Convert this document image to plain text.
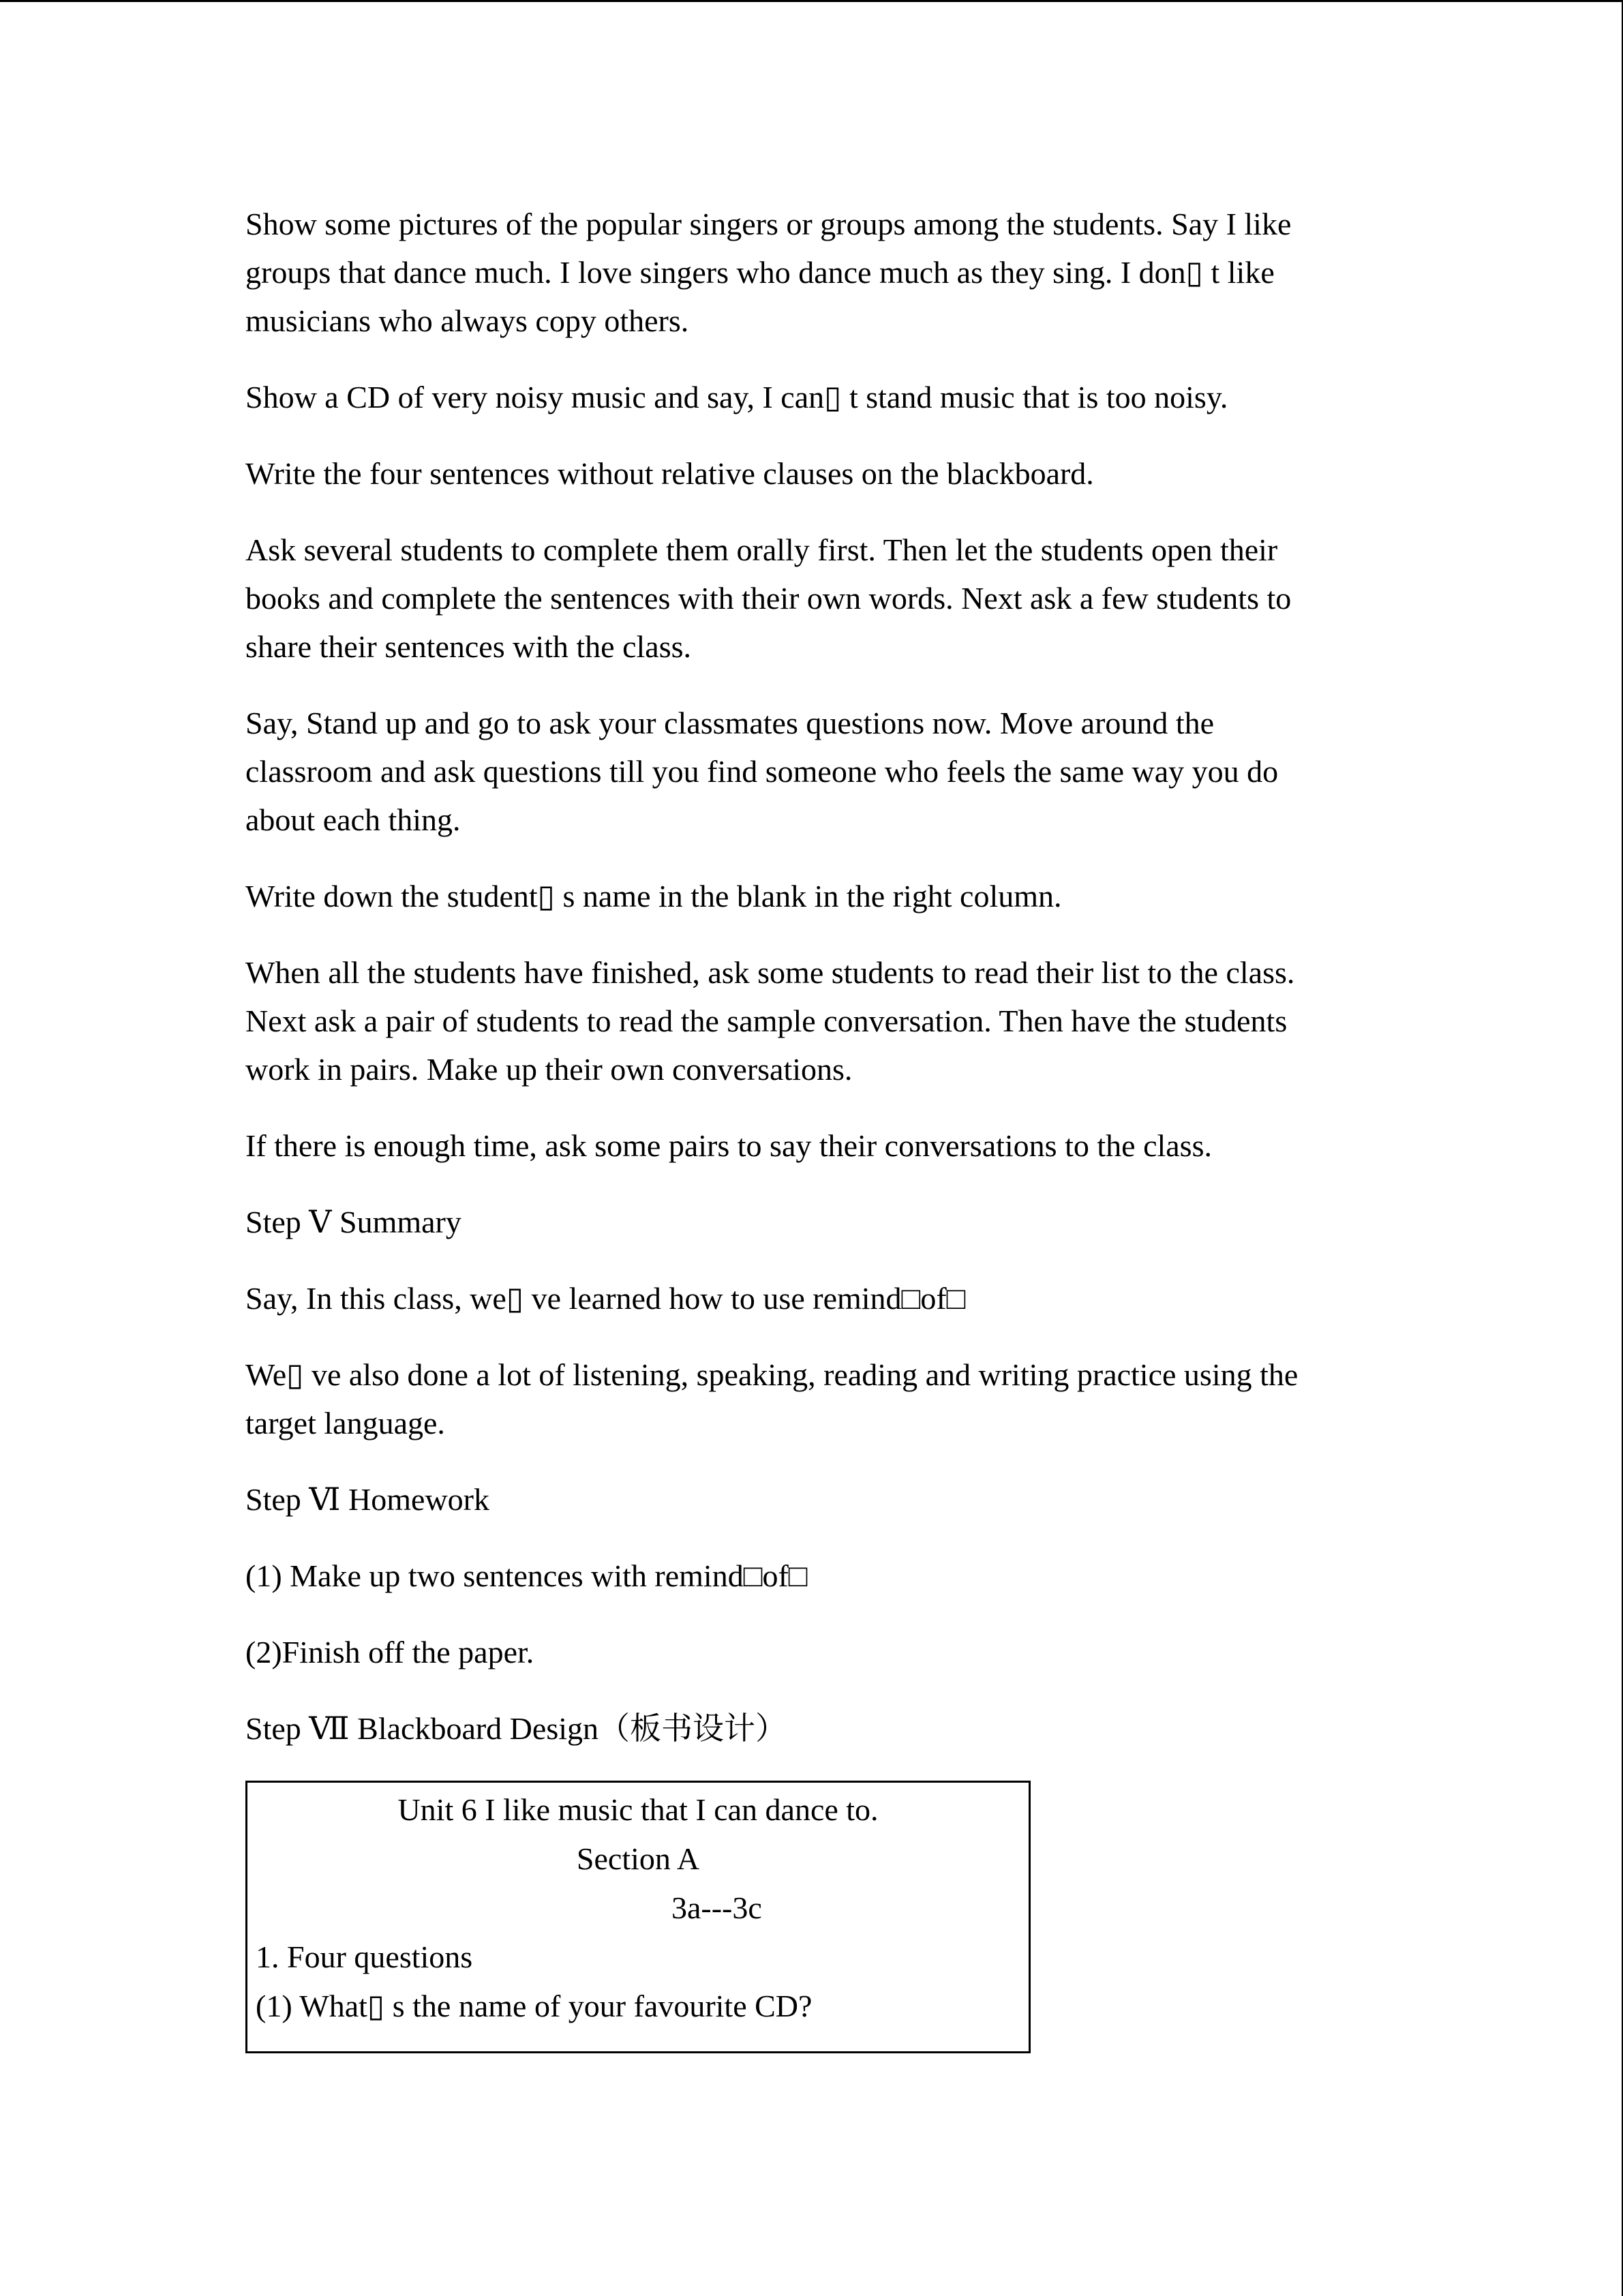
Show some pictures of the popular singers or groups among the students. Say I like
groups that dance much. I love singers who dance much as they sing. I don▯ t like
musicians who always copy others.

Show a CD of very noisy music and say, I can▯ t stand music that is too noisy.

Write the four sentences without relative clauses on the blackboard.

Ask several students to complete them orally first. Then let the students open their
books and complete the sentences with their own words. Next ask a few students to
share their sentences with the class.

Say, Stand up and go to ask your classmates questions now. Move around the
classroom and ask questions till you find someone who feels the same way you do
about each thing.

Write down the student▯ s name in the blank in the right column.

When all the students have finished, ask some students to read their list to the class.
Next ask a pair of students to read the sample conversation. Then have the students
work in pairs. Make up their own conversations.

If there is enough time, ask some pairs to say their conversations to the class.

Step Ⅴ Summary

Say, In this class, we▯ ve learned how to use remind□of□

We▯ ve also done a lot of listening, speaking, reading and writing practice using the
target language.

Step Ⅵ Homework

(1) Make up two sentences with remind□of□

(2)Finish off the paper.

Step Ⅶ Blackboard Design（板书设计）

Unit 6 I like music that I can dance to.
Section A
3a---3c
1. Four questions
(1) What▯ s the name of your favourite CD?
